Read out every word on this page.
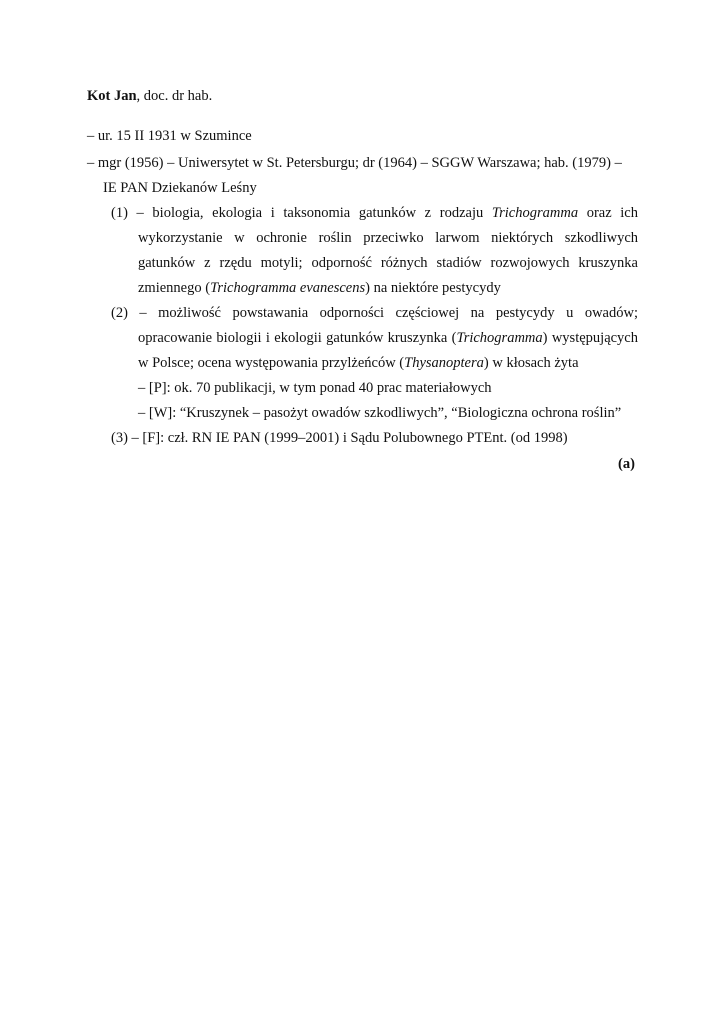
Kot Jan, doc. dr hab.
– ur. 15 II 1931 w Szumince
– mgr (1956) – Uniwersytet w St. Petersburgu; dr (1964) – SGGW Warszawa; hab. (1979) –
IE PAN Dziekanów Leśny
(1) – biologia, ekologia i taksonomia gatunków z rodzaju Trichogramma oraz ich
wykorzystanie w ochronie roślin przeciwko larwom niektórych szkodliwych
gatunków z rzędu motyli; odporność różnych stadiów rozwojowych kruszynka
zmiennego (Trichogramma evanescens) na niektóre pestycydy
(2) – możliwość powstawania odporności częściowej na pestycydy u owadów;
opracowanie biologii i ekologii gatunków kruszynka (Trichogramma) występujących
w Polsce; ocena występowania przylżeńców (Thysanoptera) w kłosach żyta
– [P]: ok. 70 publikacji, w tym ponad 40 prac materiałowych
– [W]: “Kruszynek – pasożyt owadów szkodliwych”, “Biologiczna ochrona roślin”
(3) – [F]: czł. RN IE PAN (1999–2001) i Sądu Polubownego PTEnt. (od 1998)
(a)
